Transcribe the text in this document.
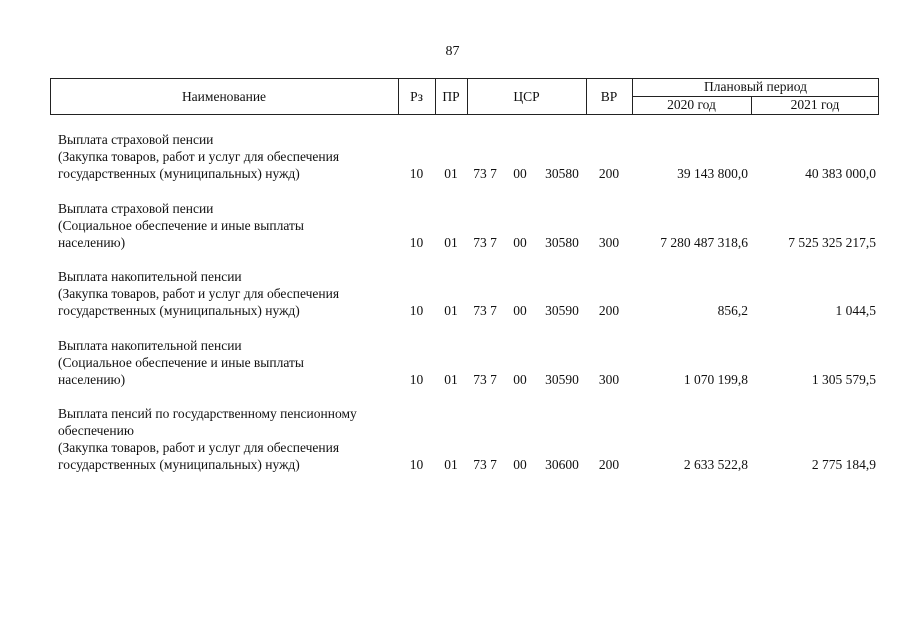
87
Наименование	Рз	ПР	ЦСР	ВР
Плановый период
2020 год	2021 год
Выплата страховой пенсии
(Закупка товаров, работ и услуг для обеспечения
государственных (муниципальных) нужд)	10	01	73 7	00	30580	200	39 143 800,0	40 383 000,0
Выплата страховой пенсии
(Социальное обеспечение и иные выплаты
населению)	10	01	73 7	00	30580	300	7 280 487 318,6	7 525 325 217,5
Выплата накопительной пенсии
(Закупка товаров, работ и услуг для обеспечения
государственных (муниципальных) нужд)	10	01	73 7	00	30590	200	856,2	1 044,5
Выплата накопительной пенсии
(Социальное обеспечение и иные выплаты
населению)	10	01	73 7	00	30590	300	1 070 199,8	1 305 579,5
Выплата пенсий по государственному пенсионному
обеспечению
(Закупка товаров, работ и услуг для обеспечения
государственных (муниципальных) нужд)	10	01	73 7	00	30600	200	2 633 522,8	2 775 184,9
